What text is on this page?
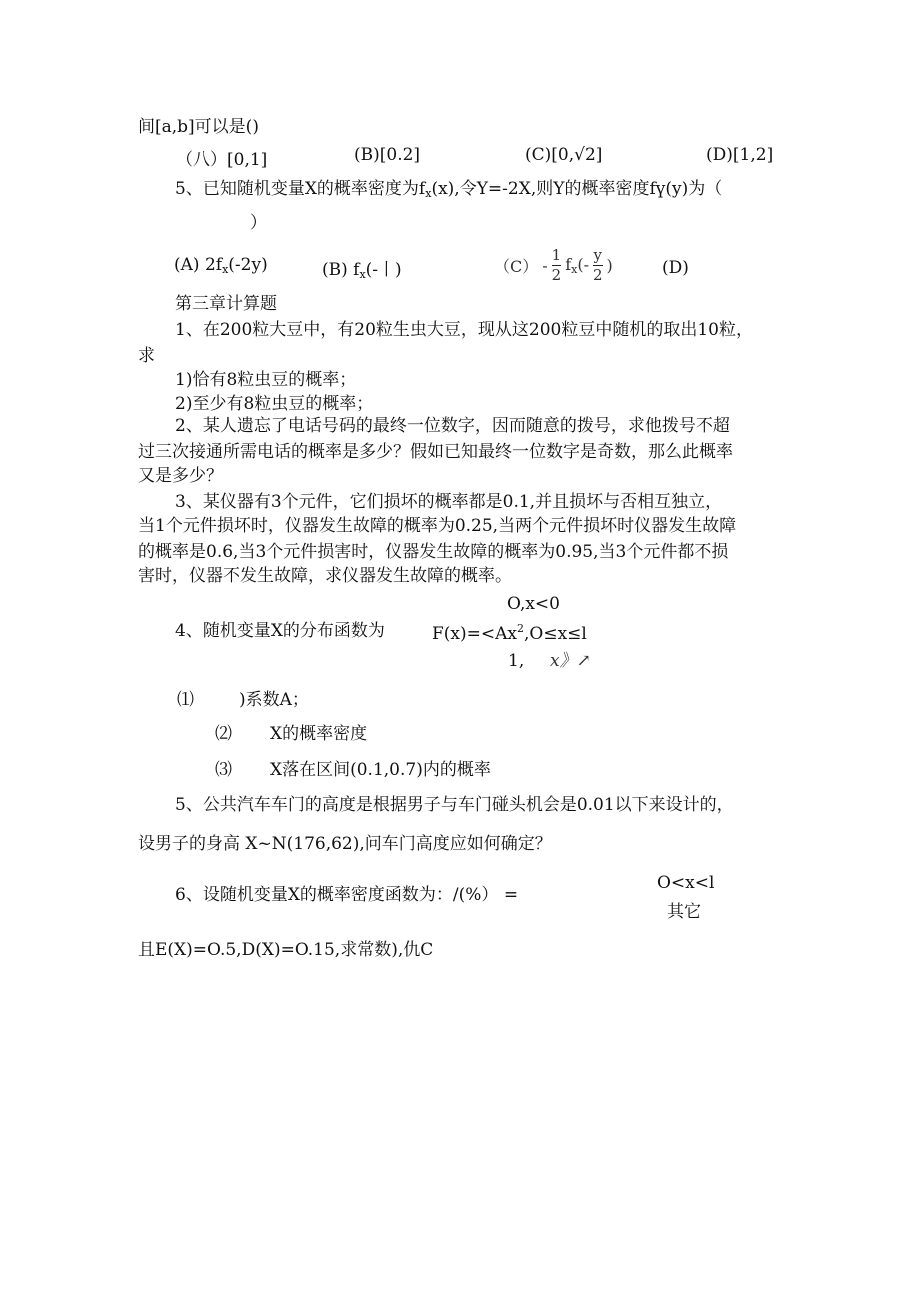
间[a,b]可以是()
（八）[0,1]	(B)[0.2]	(C)[0,√2]	(D)[1,2]
5、已知随机变量X的概率密度为$f_x(x)$,令Y=-2X,则Y的概率密度fү(y)为（
）
(A) $2f_x(-2y)$	(B) $f_x(-$丨)	$(C) - \frac{1}{2} f_x(- \frac{y}{2}$ )	(D)
第三章计算题
1、在200粒大豆中，有20粒生虫大豆，现从这200粒豆中随机的取出10粒，
求
1)恰有8粒虫豆的概率；
2)至少有8粒虫豆的概率；
2、某人遗忘了电话号码的最终一位数字，因而随意的拨号，求他拨号不超
过三次接通所需电话的概率是多少？假如已知最终一位数字是奇数，那么此概率
又是多少？
3、某仪器有3个元件，它们损坏的概率都是0.1,并且损坏与否相互独立，
当1个元件损坏时，仪器发生故障的概率为0.25,当两个元件损坏时仪器发生故障
的概率是0.6,当3个元件损害时，仪器发生故障的概率为0.95,当3个元件都不损
害时，仪器不发生故障，求仪器发生故障的概率。
O,x<0
4、随机变量X的分布函数为	$F(x)=<Ax^2,O\le x\le l$
1, x》↗
⑴	)系数A；
⑵ X的概率密度
⑶ X落在区间(0.1,0.7)内的概率
5、公共汽车车门的高度是根据男子与车门碰头机会是0.01以下来设计的，
设男子的身高 X~N(176,62),问车门高度应如何确定？
O<x<l
6、设随机变量X的概率密度函数为：/(%） =
其它
且E(X)=O.5,D(X)=O.15,求常数),仇C
